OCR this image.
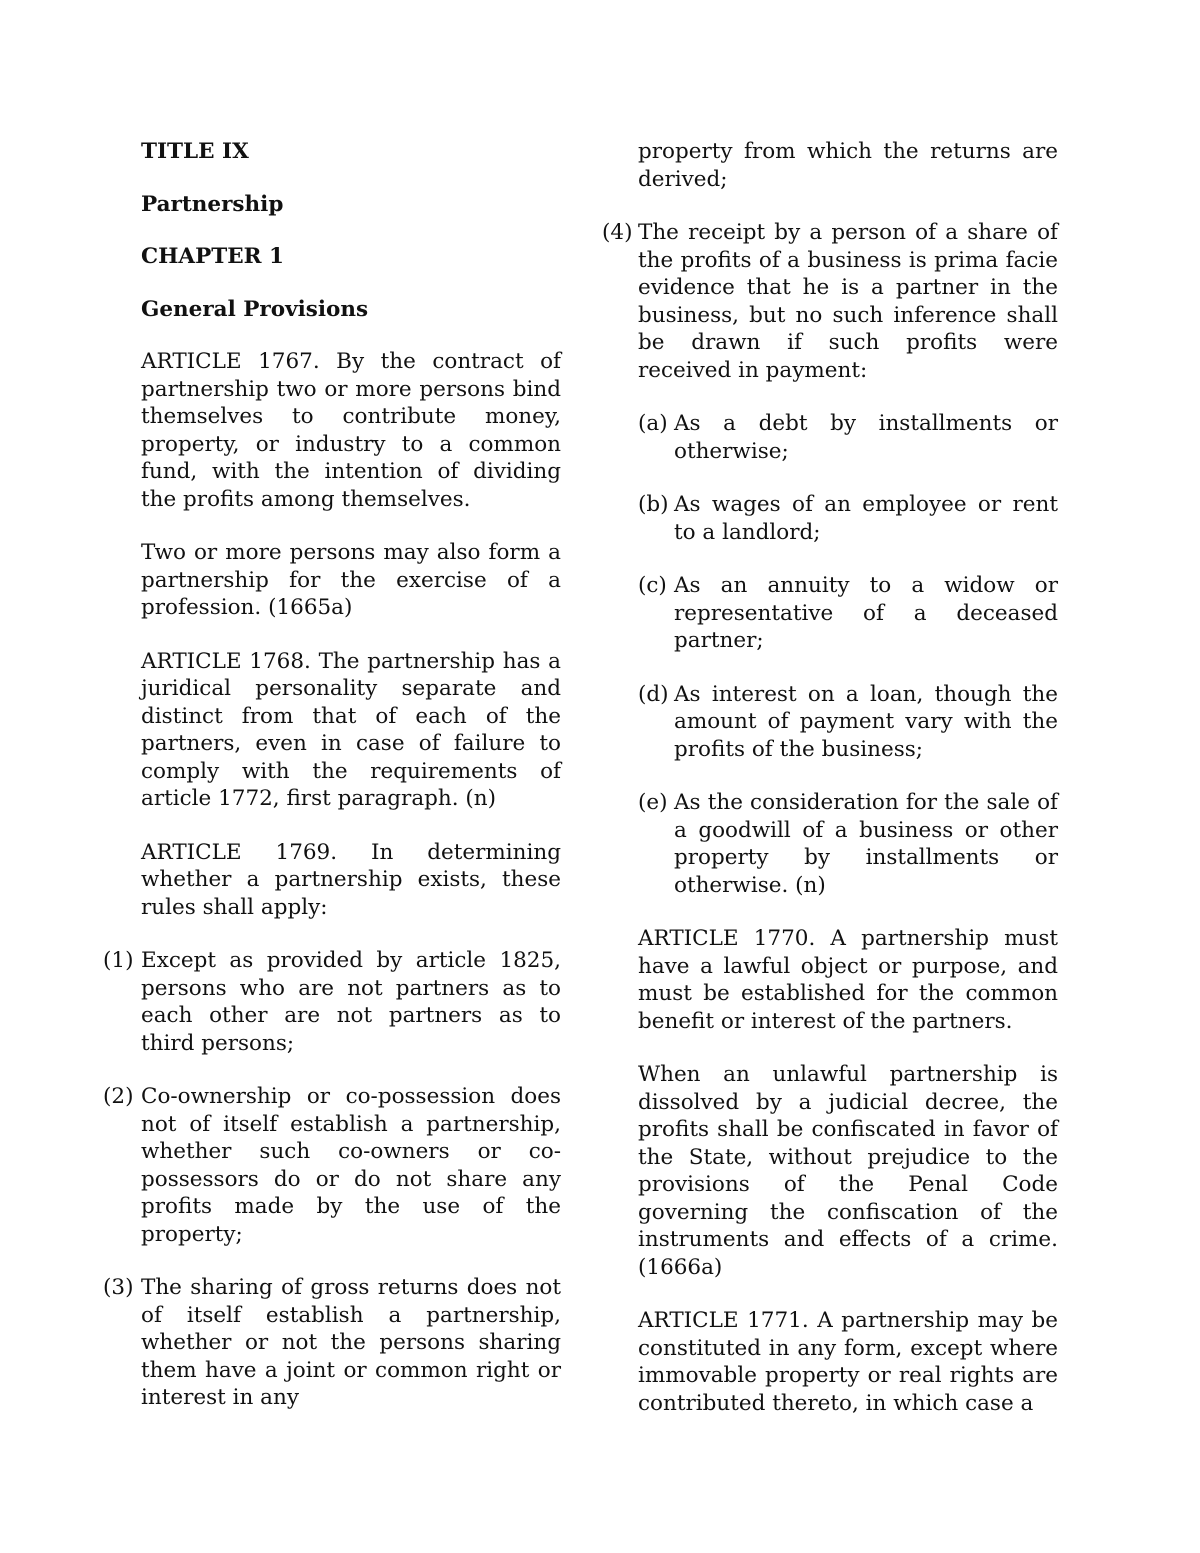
TITLE IX
Partnership
CHAPTER 1
General Provisions
ARTICLE 1767. By the contract of partnership two or more persons bind themselves to contribute money, property, or industry to a common fund, with the intention of dividing the profits among themselves.
Two or more persons may also form a partnership for the exercise of a profession. (1665a)
ARTICLE 1768. The partnership has a juridical personality separate and distinct from that of each of the partners, even in case of failure to comply with the requirements of article 1772, first paragraph. (n)
ARTICLE 1769. In determining whether a partnership exists, these rules shall apply:
(1) Except as provided by article 1825, persons who are not partners as to each other are not partners as to third persons;
(2) Co-ownership or co-possession does not of itself establish a partnership, whether such co-owners or co-possessors do or do not share any profits made by the use of the property;
(3) The sharing of gross returns does not of itself establish a partnership, whether or not the persons sharing them have a joint or common right or interest in any
property from which the returns are derived;
(4) The receipt by a person of a share of the profits of a business is prima facie evidence that he is a partner in the business, but no such inference shall be drawn if such profits were received in payment:
(a) As a debt by installments or otherwise;
(b) As wages of an employee or rent to a landlord;
(c) As an annuity to a widow or representative of a deceased partner;
(d) As interest on a loan, though the amount of payment vary with the profits of the business;
(e) As the consideration for the sale of a goodwill of a business or other property by installments or otherwise. (n)
ARTICLE 1770. A partnership must have a lawful object or purpose, and must be established for the common benefit or interest of the partners.
When an unlawful partnership is dissolved by a judicial decree, the profits shall be confiscated in favor of the State, without prejudice to the provisions of the Penal Code governing the confiscation of the instruments and effects of a crime. (1666a)
ARTICLE 1771. A partnership may be constituted in any form, except where immovable property or real rights are contributed thereto, in which case a
